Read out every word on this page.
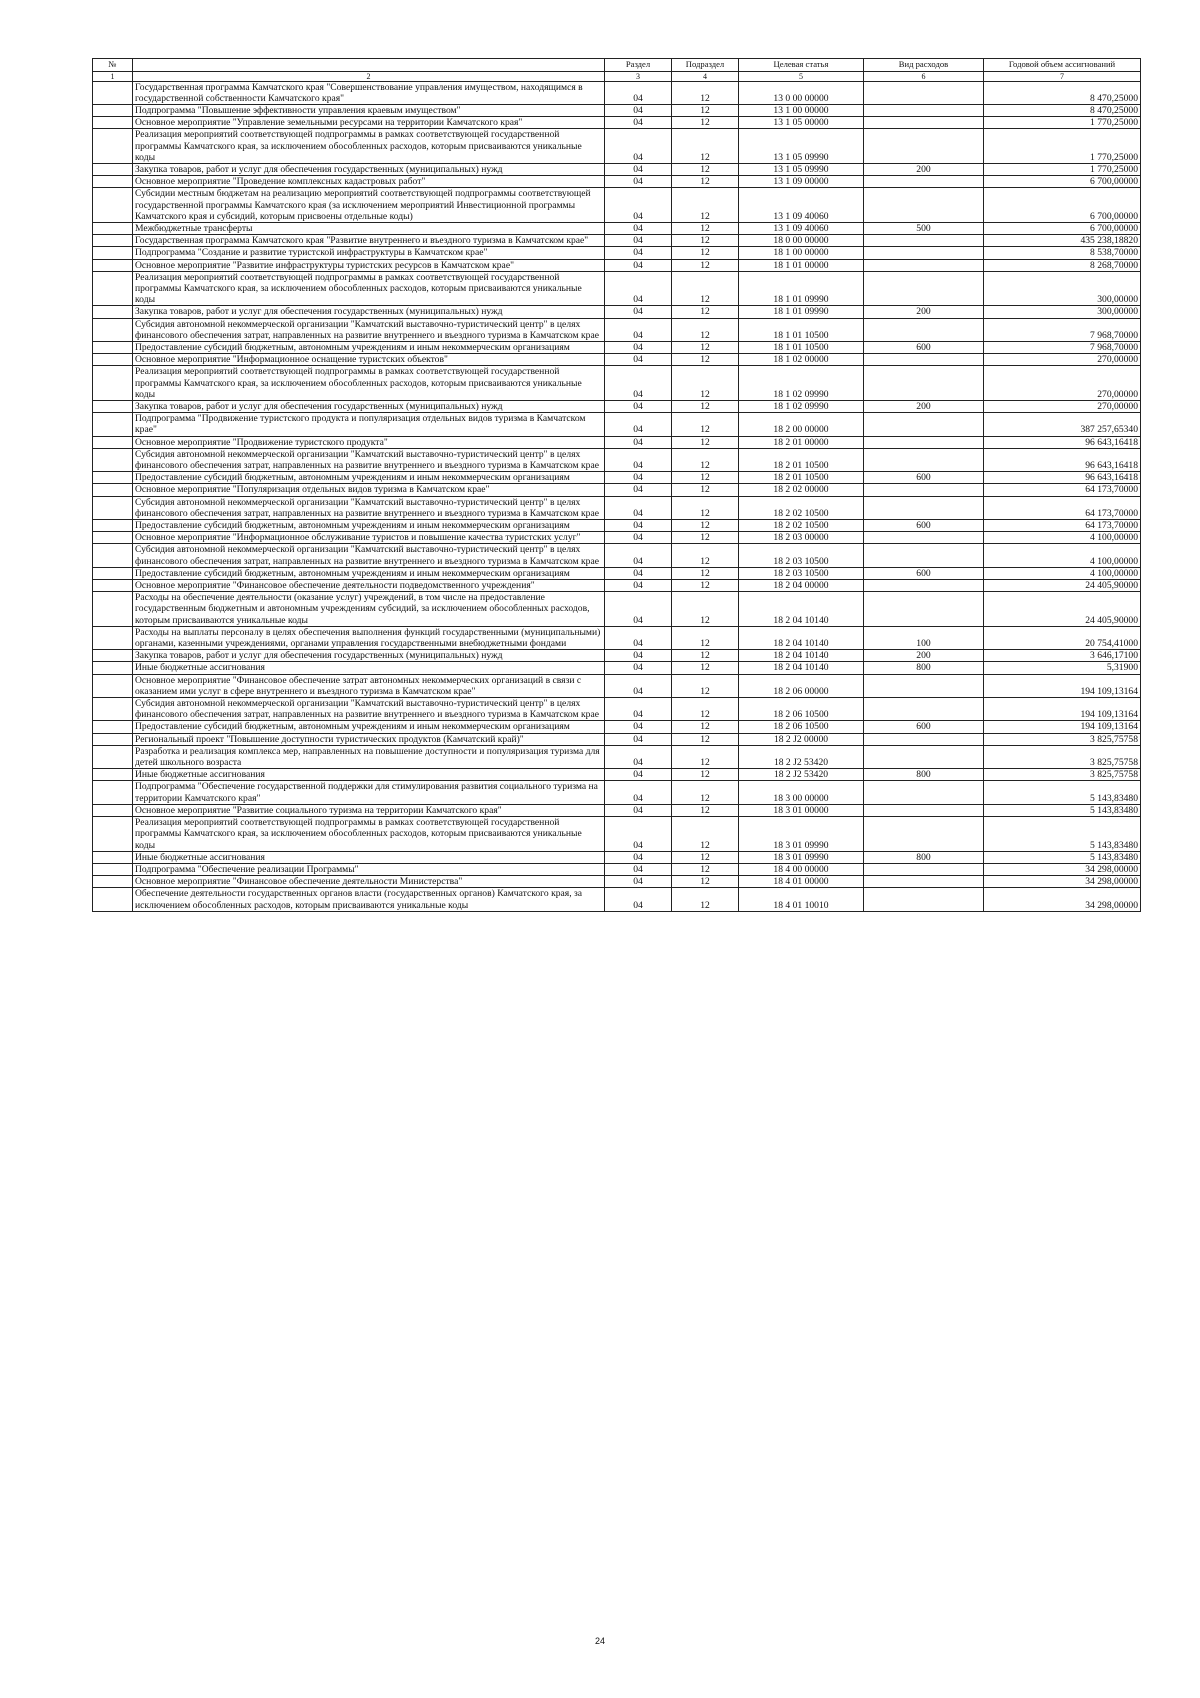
№		Раздел	Подраздел	Целевая статья	Вид расходов	Годовой объем ассигнований
1	2	3	4	5	6	7
	Государственная программа Камчатского края "Совершенствование управления имуществом, находящимся в государственной собственности Камчатского края"	04	12	13 0 00 00000		8 470,25000
	Подпрограмма "Повышение эффективности управления краевым имуществом"	04	12	13 1 00 00000		8 470,25000
	Основное мероприятие "Управление земельными ресурсами на территории Камчатского края"	04	12	13 1 05 00000		1 770,25000
	Реализация мероприятий соответствующей подпрограммы в рамках соответствующей государственной программы Камчатского края, за исключением обособленных расходов, которым присваиваются уникальные коды	04	12	13 1 05 09990		1 770,25000
	Закупка товаров, работ и услуг для обеспечения государственных (муниципальных) нужд	04	12	13 1 05 09990	200	1 770,25000
	Основное мероприятие "Проведение комплексных кадастровых работ"	04	12	13 1 09 00000		6 700,00000
	Субсидии местным бюджетам на реализацию мероприятий соответствующей подпрограммы соответствующей государственной программы Камчатского края (за исключением мероприятий Инвестиционной программы Камчатского края и субсидий, которым присвоены отдельные коды)	04	12	13 1 09 40060		6 700,00000
	Межбюджетные трансферты	04	12	13 1 09 40060	500	6 700,00000
	Государственная программа Камчатского края "Развитие внутреннего и въездного туризма в Камчатском крае"	04	12	18 0 00 00000		435 238,18820
	Подпрограмма "Создание и развитие туристской инфраструктуры в Камчатском крае"	04	12	18 1 00 00000		8 538,70000
	Основное мероприятие "Развитие инфраструктуры туристских ресурсов в Камчатском крае"	04	12	18 1 01 00000		8 268,70000
	Реализация мероприятий соответствующей подпрограммы в рамках соответствующей государственной программы Камчатского края, за исключением обособленных расходов, которым присваиваются уникальные коды	04	12	18 1 01 09990		300,00000
	Закупка товаров, работ и услуг для обеспечения государственных (муниципальных) нужд	04	12	18 1 01 09990	200	300,00000
	Субсидия автономной некоммерческой организации "Камчатский выставочно-туристический центр" в целях финансового обеспечения затрат, направленных на развитие внутреннего и въездного туризма в Камчатском крае	04	12	18 1 01 10500		7 968,70000
	Предоставление субсидий бюджетным, автономным учреждениям и иным некоммерческим организациям	04	12	18 1 01 10500	600	7 968,70000
	Основное мероприятие "Информационное оснащение туристских объектов"	04	12	18 1 02 00000		270,00000
	Реализация мероприятий соответствующей подпрограммы в рамках соответствующей государственной программы Камчатского края, за исключением обособленных расходов, которым присваиваются уникальные коды	04	12	18 1 02 09990		270,00000
	Закупка товаров, работ и услуг для обеспечения государственных (муниципальных) нужд	04	12	18 1 02 09990	200	270,00000
	Подпрограмма "Продвижение туристского продукта и популяризация отдельных видов туризма в Камчатском крае"	04	12	18 2 00 00000		387 257,65340
	Основное мероприятие "Продвижение туристского продукта"	04	12	18 2 01 00000		96 643,16418
	Субсидия автономной некоммерческой организации "Камчатский выставочно-туристический центр" в целях финансового обеспечения затрат, направленных на развитие внутреннего и въездного туризма в Камчатском крае	04	12	18 2 01 10500		96 643,16418
	Предоставление субсидий бюджетным, автономным учреждениям и иным некоммерческим организациям	04	12	18 2 01 10500	600	96 643,16418
	Основное мероприятие "Популяризация отдельных видов туризма в Камчатском крае"	04	12	18 2 02 00000		64 173,70000
	Субсидия автономной некоммерческой организации "Камчатский выставочно-туристический центр" в целях финансового обеспечения затрат, направленных на развитие внутреннего и въездного туризма в Камчатском крае	04	12	18 2 02 10500		64 173,70000
	Предоставление субсидий бюджетным, автономным учреждениям и иным некоммерческим организациям	04	12	18 2 02 10500	600	64 173,70000
	Основное мероприятие "Информационное обслуживание туристов и повышение качества туристских услуг"	04	12	18 2 03 00000		4 100,00000
	Субсидия автономной некоммерческой организации "Камчатский выставочно-туристический центр" в целях финансового обеспечения затрат, направленных на развитие внутреннего и въездного туризма в Камчатском крае	04	12	18 2 03 10500		4 100,00000
	Предоставление субсидий бюджетным, автономным учреждениям и иным некоммерческим организациям	04	12	18 2 03 10500	600	4 100,00000
	Основное мероприятие "Финансовое обеспечение деятельности подведомственного учреждения"	04	12	18 2 04 00000		24 405,90000
	Расходы на обеспечение деятельности (оказание услуг) учреждений, в том числе на предоставление государственным бюджетным и автономным учреждениям субсидий, за исключением обособленных расходов, которым присваиваются уникальные коды	04	12	18 2 04 10140		24 405,90000
	Расходы на выплаты персоналу в целях обеспечения выполнения функций государственными (муниципальными) органами, казенными учреждениями, органами управления государственными внебюджетными фондами	04	12	18 2 04 10140	100	20 754,41000
	Закупка товаров, работ и услуг для обеспечения государственных (муниципальных) нужд	04	12	18 2 04 10140	200	3 646,17100
	Иные бюджетные ассигнования	04	12	18 2 04 10140	800	5,31900
	Основное мероприятие "Финансовое обеспечение затрат автономных некоммерческих организаций в связи с оказанием ими услуг в сфере внутреннего и въездного туризма в Камчатском крае"	04	12	18 2 06 00000		194 109,13164
	Субсидия автономной некоммерческой организации "Камчатский выставочно-туристический центр" в целях финансового обеспечения затрат, направленных на развитие внутреннего и въездного туризма в Камчатском крае	04	12	18 2 06 10500		194 109,13164
	Предоставление субсидий бюджетным, автономным учреждениям и иным некоммерческим организациям	04	12	18 2 06 10500	600	194 109,13164
	Региональный проект "Повышение доступности туристических продуктов (Камчатский край)"	04	12	18 2 J2 00000		3 825,75758
	Разработка и реализация комплекса мер, направленных на повышение доступности и популяризация туризма для детей школьного возраста	04	12	18 2 J2 53420		3 825,75758
	Иные бюджетные ассигнования	04	12	18 2 J2 53420	800	3 825,75758
	Подпрограмма "Обеспечение государственной поддержки для стимулирования развития социального туризма на территории Камчатского края"	04	12	18 3 00 00000		5 143,83480
	Основное мероприятие "Развитие социального туризма на территории Камчатского края"	04	12	18 3 01 00000		5 143,83480
	Реализация мероприятий соответствующей подпрограммы в рамках соответствующей государственной программы Камчатского края, за исключением обособленных расходов, которым присваиваются уникальные коды	04	12	18 3 01 09990		5 143,83480
	Иные бюджетные ассигнования	04	12	18 3 01 09990	800	5 143,83480
	Подпрограмма "Обеспечение реализации Программы"	04	12	18 4 00 00000		34 298,00000
	Основное мероприятие "Финансовое обеспечение деятельности Министерства"	04	12	18 4 01 00000		34 298,00000
	Обеспечение деятельности государственных органов власти (государственных органов) Камчатского края, за исключением обособленных расходов, которым присваиваются уникальные коды	04	12	18 4 01 10010		34 298,00000
24
